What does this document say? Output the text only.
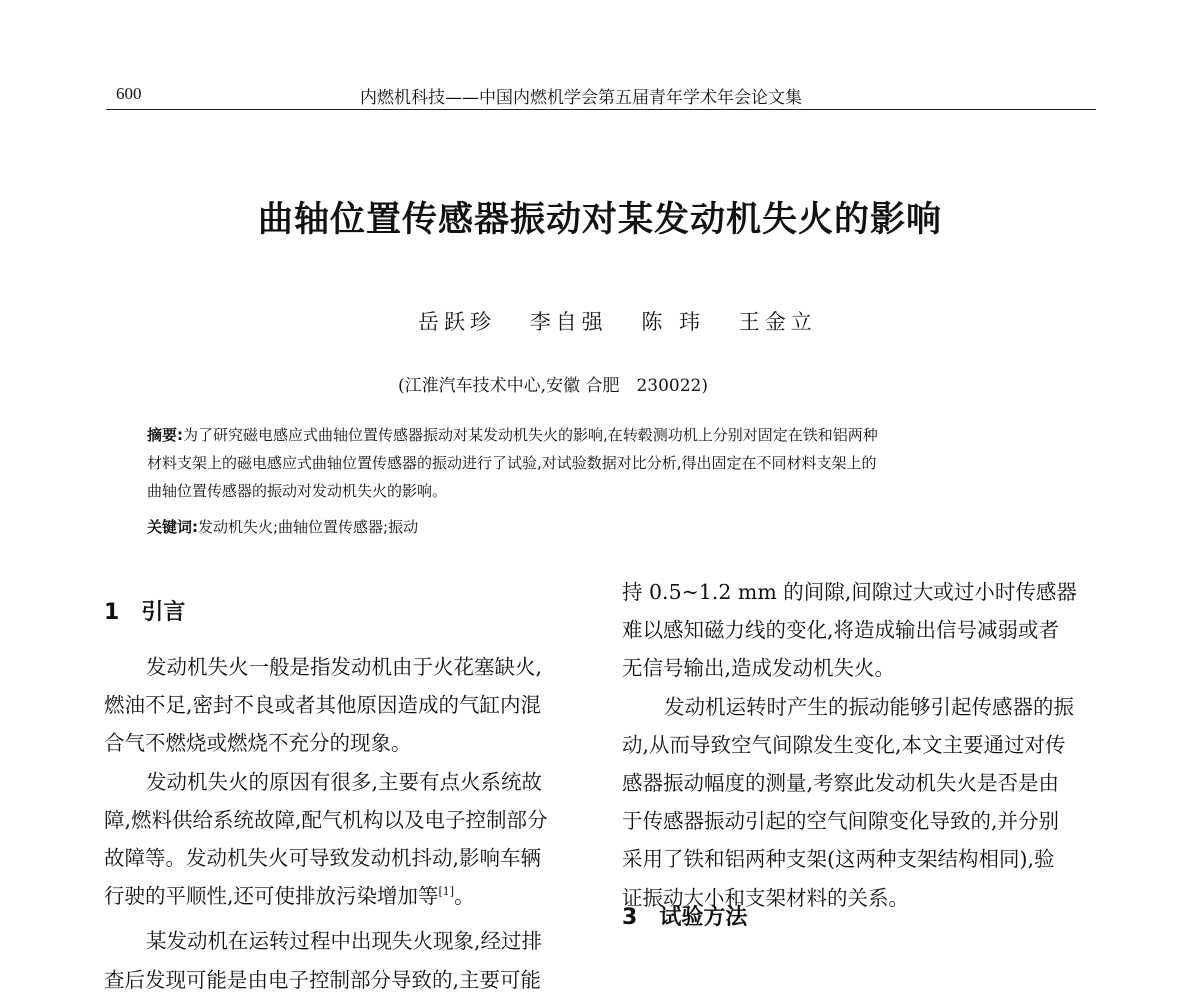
600	内燃机科技——中国内燃机学会第五届青年学术年会论文集
曲轴位置传感器振动对某发动机失火的影响
岳跃珍 李自强 陈 玮 王金立
(江淮汽车技术中心,安徽 合肥　230022)
摘要:为了研究磁电感应式曲轴位置传感器振动对某发动机失火的影响,在转毂测功机上分别对固定在铁和铝两种
材料支架上的磁电感应式曲轴位置传感器的振动进行了试验,对试验数据对比分析,得出固定在不同材料支架上的
曲轴位置传感器的振动对发动机失火的影响。
关键词:发动机失火;曲轴位置传感器;振动
1 引言
发动机失火一般是指发动机由于火花塞缺火,
燃油不足,密封不良或者其他原因造成的气缸内混
合气不燃烧或燃烧不充分的现象。
发动机失火的原因有很多,主要有点火系统故
障,燃料供给系统故障,配气机构以及电子控制部分
故障等。发动机失火可导致发动机抖动,影响车辆
行驶的平顺性,还可使排放污染增加等[1]。
某发动机在运转过程中出现失火现象,经过排
查后发现可能是由电子控制部分导致的,主要可能
持 0.5~1.2 mm 的间隙,间隙过大或过小时传感器
难以感知磁力线的变化,将造成输出信号减弱或者
无信号输出,造成发动机失火。
发动机运转时产生的振动能够引起传感器的振
动,从而导致空气间隙发生变化,本文主要通过对传
感器振动幅度的测量,考察此发动机失火是否是由
于传感器振动引起的空气间隙变化导致的,并分别
采用了铁和铝两种支架(这两种支架结构相同),验
证振动大小和支架材料的关系。
3 试验方法
